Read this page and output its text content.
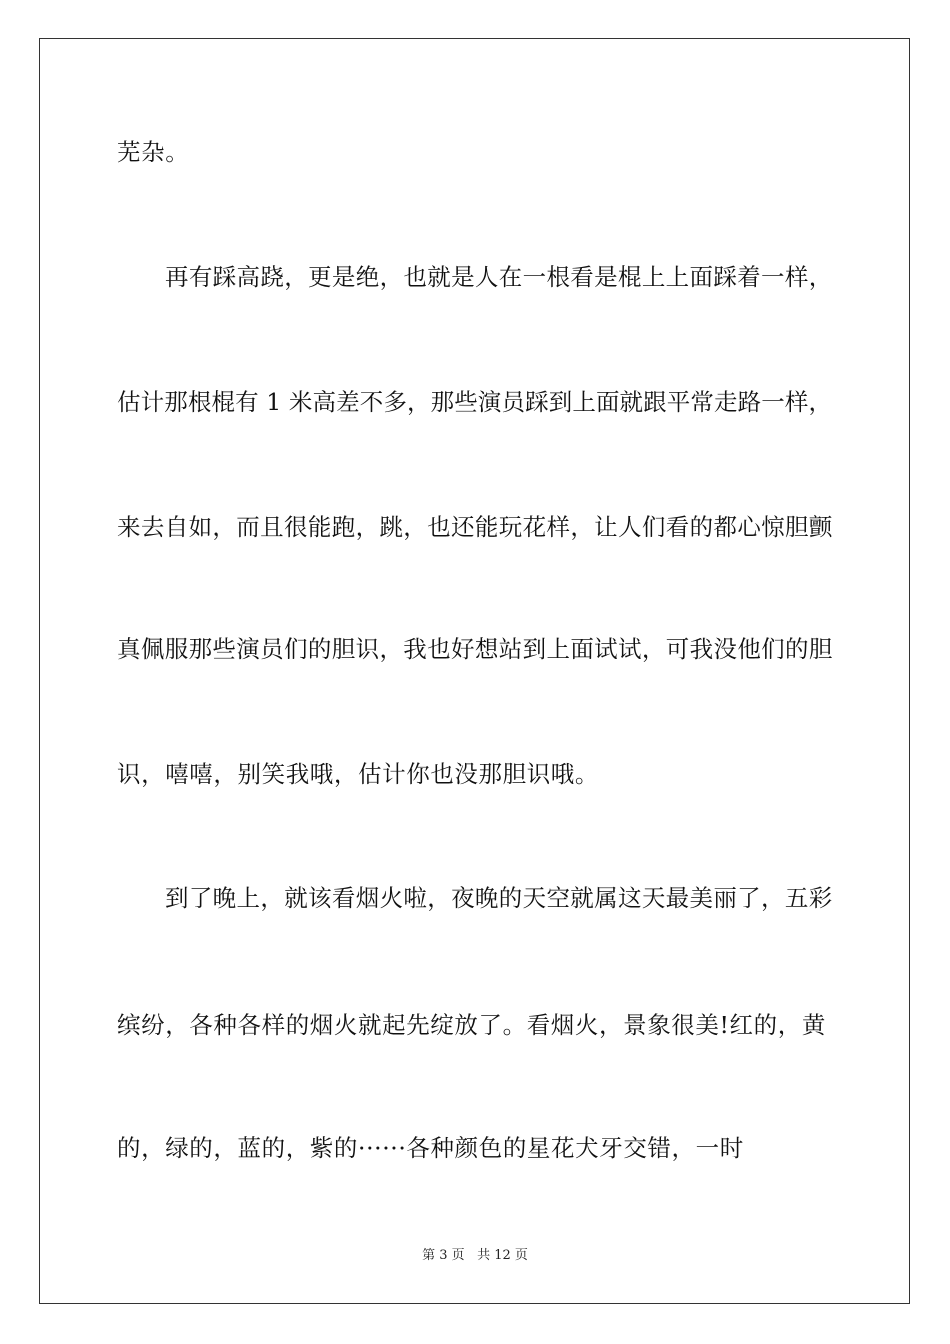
芜杂。
再有踩高跷，更是绝，也就是人在一根看是棍上上面踩着一样，
估计那根棍有 1 米高差不多，那些演员踩到上面就跟平常走路一样，
来去自如，而且很能跑，跳，也还能玩花样，让人们看的都心惊胆颤
真佩服那些演员们的胆识，我也好想站到上面试试，可我没他们的胆
识，嘻嘻，别笑我哦，估计你也没那胆识哦。
到了晚上，就该看烟火啦，夜晚的天空就属这天最美丽了，五彩
缤纷，各种各样的烟火就起先绽放了。看烟火，景象很美!红的，黄
的，绿的，蓝的，紫的······各种颜色的星花犬牙交错，一时
第 3 页 共 12 页
